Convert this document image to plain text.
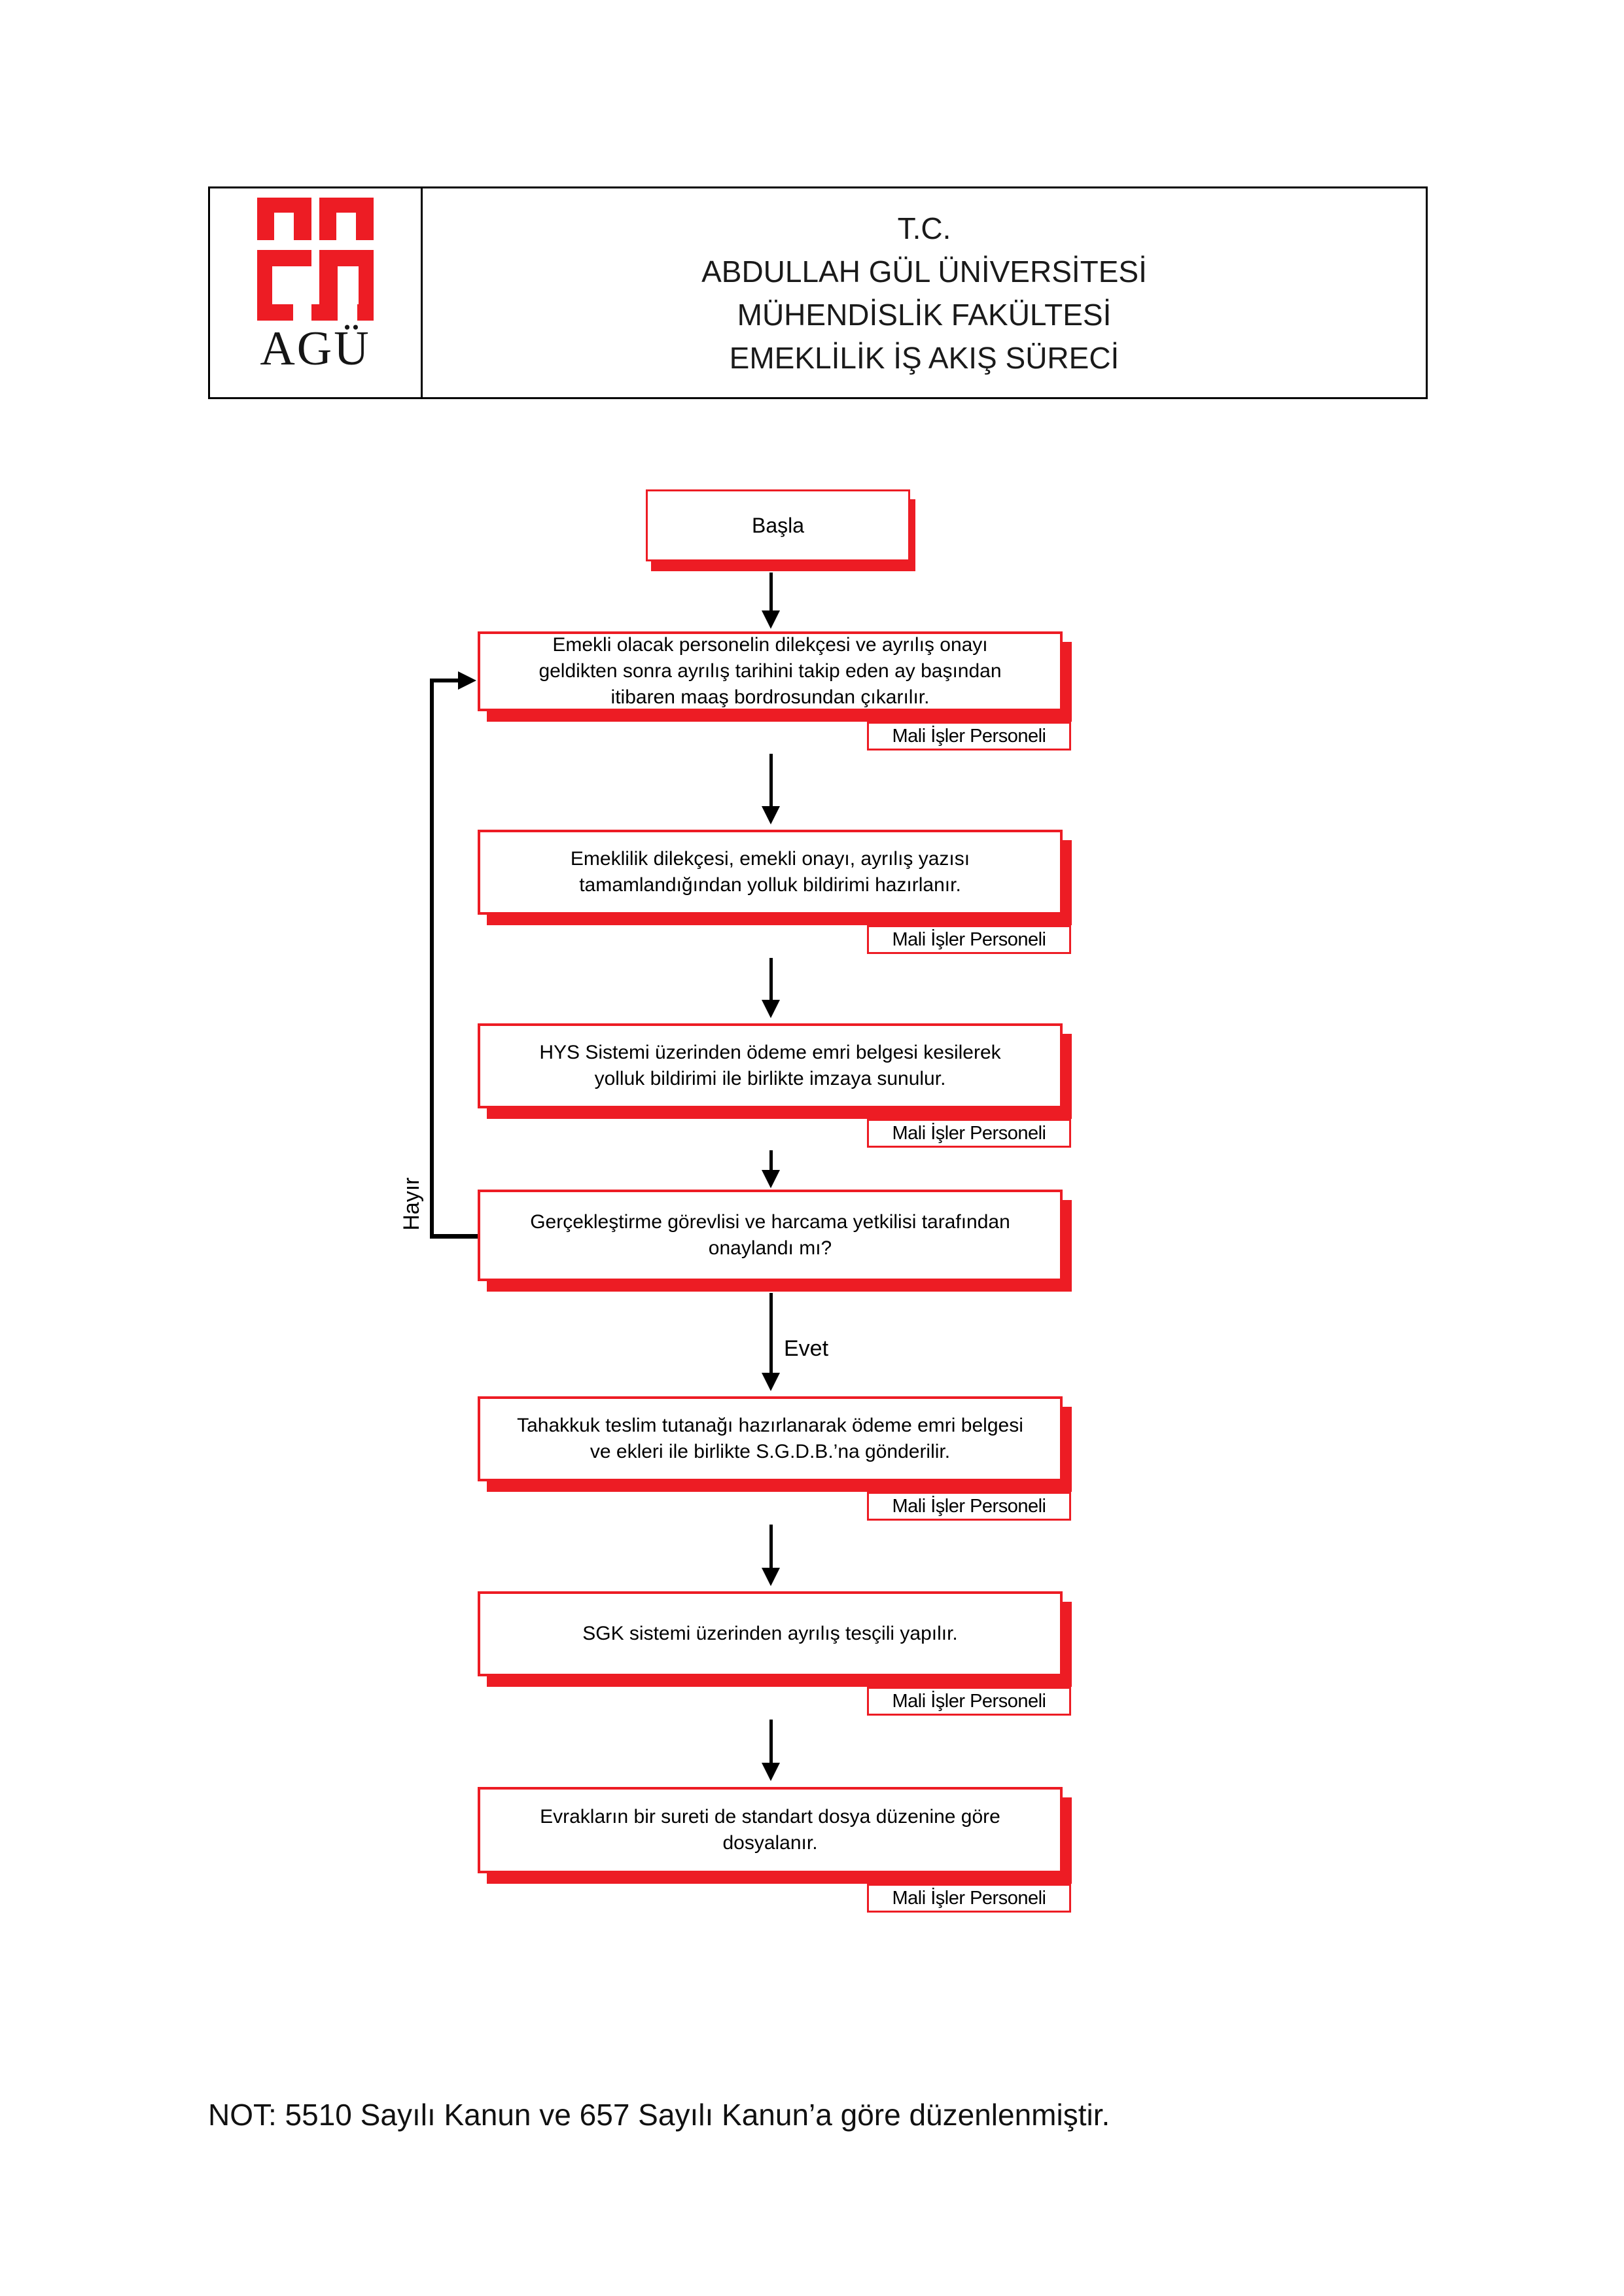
AGÜ
T.C.
ABDULLAH GÜL ÜNİVERSİTESİ
MÜHENDİSLİK FAKÜLTESİ
EMEKLİLİK İŞ AKIŞ SÜRECİ
Başla
Emekli olacak personelin dilekçesi ve ayrılış onayı
geldikten sonra ayrılış tarihini takip eden ay başından
itibaren maaş bordrosundan çıkarılır.
Mali İşler Personeli
Emeklilik dilekçesi, emekli onayı, ayrılış yazısı
tamamlandığından yolluk bildirimi hazırlanır.
Mali İşler Personeli
HYS Sistemi üzerinden ödeme emri belgesi kesilerek
yolluk bildirimi ile birlikte imzaya sunulur.
Mali İşler Personeli
Gerçekleştirme görevlisi ve harcama yetkilisi tarafından
onaylandı mı?
Hayır
Evet
Tahakkuk teslim tutanağı hazırlanarak ödeme emri belgesi
ve ekleri ile birlikte S.G.D.B.’na gönderilir.
Mali İşler Personeli
SGK sistemi üzerinden ayrılış tesçili yapılır.
Mali İşler Personeli
Evrakların bir sureti de standart dosya düzenine göre
dosyalanır.
Mali İşler Personeli
NOT: 5510 Sayılı Kanun ve 657 Sayılı Kanun’a göre düzenlenmiştir.
